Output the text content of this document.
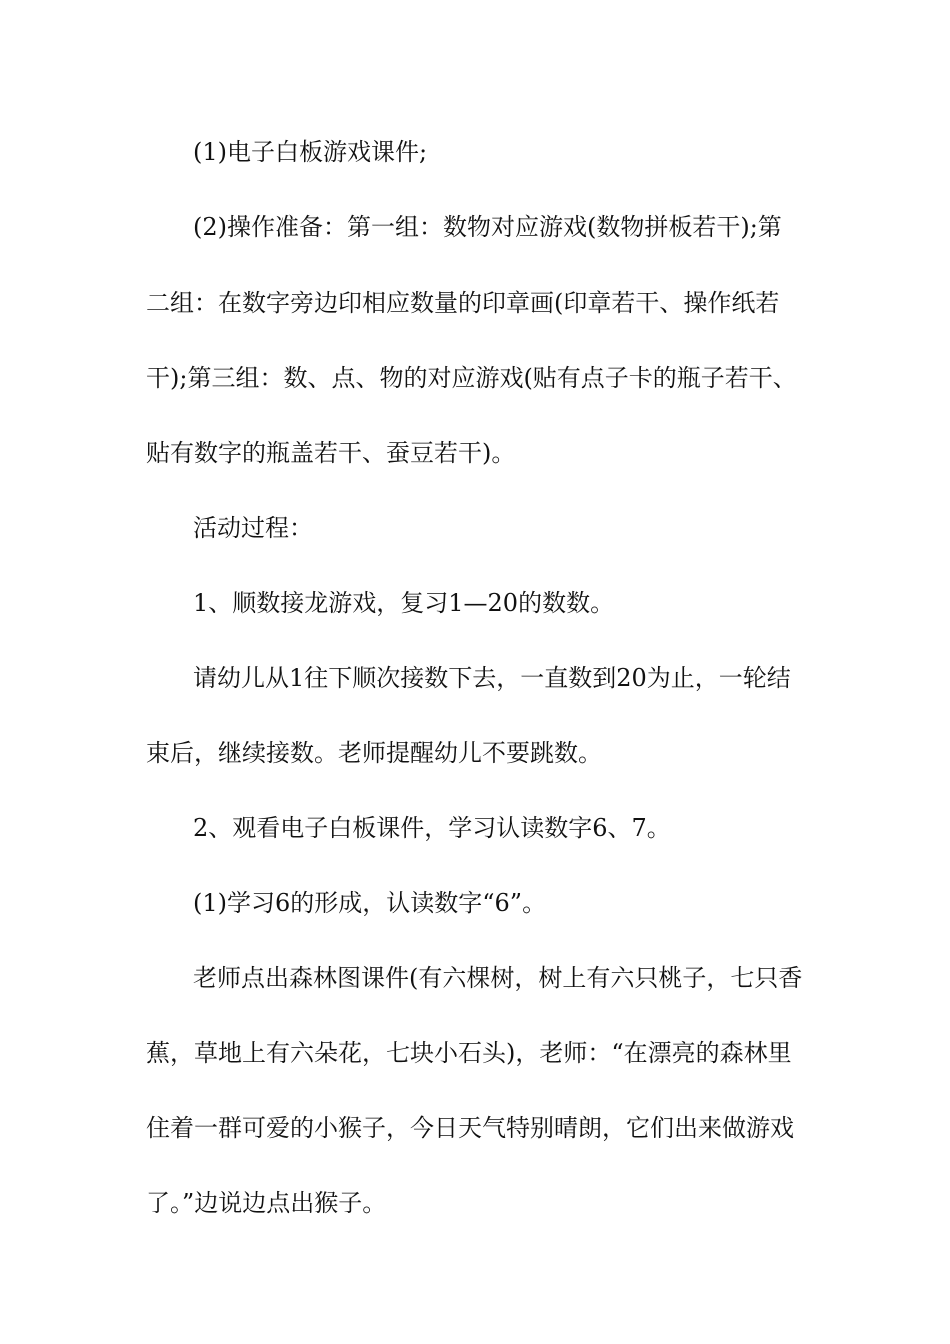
(1)电子白板游戏课件;
(2)操作准备：第一组：数物对应游戏(数物拼板若干);第
二组：在数字旁边印相应数量的印章画(印章若干、操作纸若
干);第三组：数、点、物的对应游戏(贴有点子卡的瓶子若干、
贴有数字的瓶盖若干、蚕豆若干)。
活动过程：
1、顺数接龙游戏，复习1—20的数数。
请幼儿从1往下顺次接数下去，一直数到20为止，一轮结
束后，继续接数。老师提醒幼儿不要跳数。
2、观看电子白板课件，学习认读数字6、7。
(1)学习6的形成，认读数字“6”。
老师点出森林图课件(有六棵树，树上有六只桃子，七只香
蕉，草地上有六朵花，七块小石头)，老师：“在漂亮的森林里
住着一群可爱的小猴子，今日天气特别晴朗，它们出来做游戏
了。”边说边点出猴子。
